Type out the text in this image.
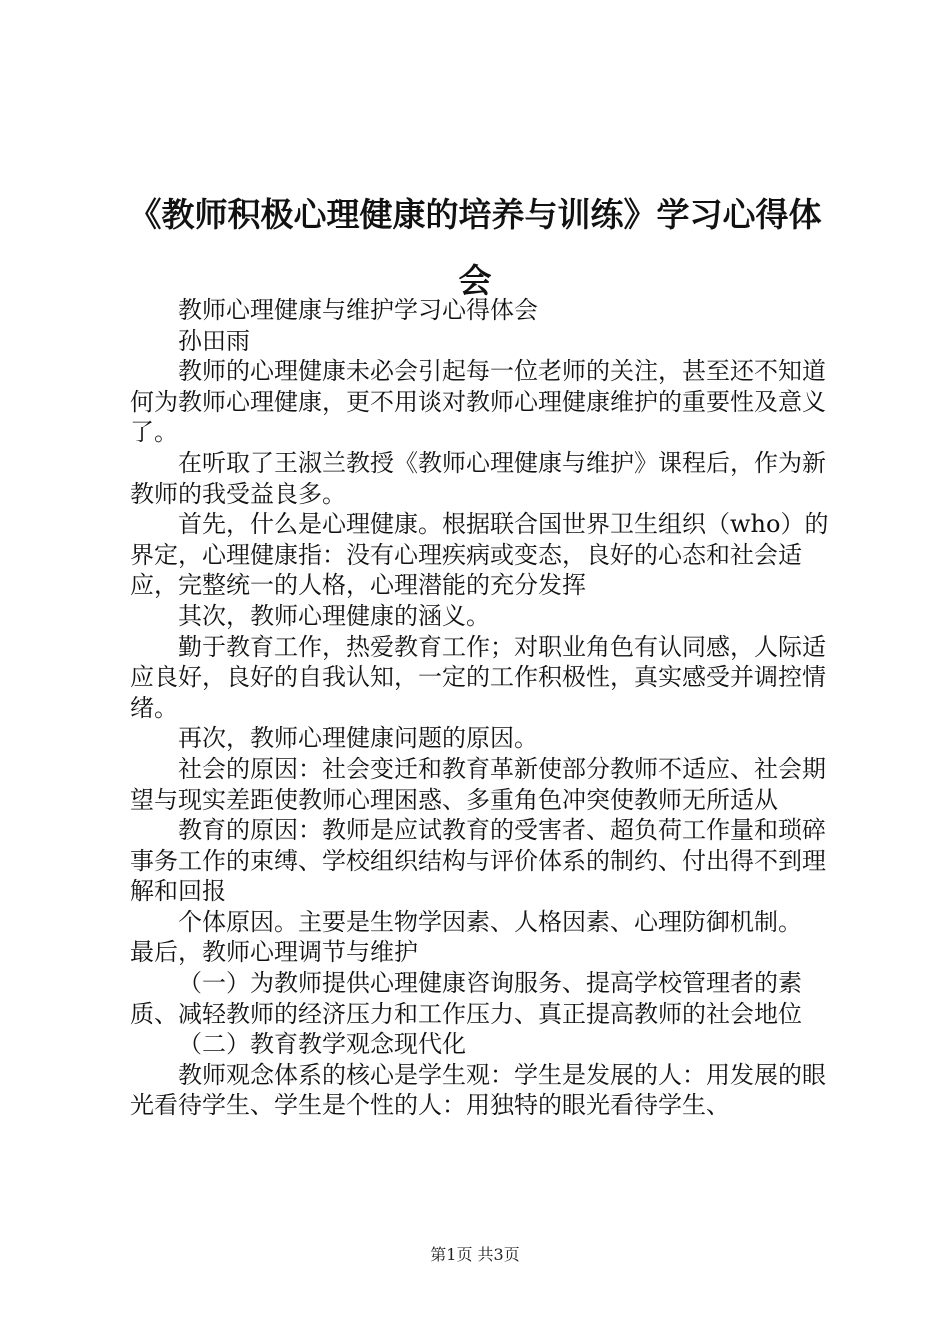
《教师积极心理健康的培养与训练》学习心得体会

教师心理健康与维护学习心得体会

孙田雨

教师的心理健康未必会引起每一位老师的关注，甚至还不知道何为教师心理健康，更不用谈对教师心理健康维护的重要性及意义了。

在听取了王淑兰教授《教师心理健康与维护》课程后，作为新教师的我受益良多。

首先，什么是心理健康。根据联合国世界卫生组织（who）的界定，心理健康指：没有心理疾病或变态，良好的心态和社会适应，完整统一的人格，心理潜能的充分发挥

其次，教师心理健康的涵义。

勤于教育工作，热爱教育工作；对职业角色有认同感，人际适应良好，良好的自我认知，一定的工作积极性，真实感受并调控情绪。

再次，教师心理健康问题的原因。

社会的原因：社会变迁和教育革新使部分教师不适应、社会期望与现实差距使教师心理困惑、多重角色冲突使教师无所适从

教育的原因：教师是应试教育的受害者、超负荷工作量和琐碎事务工作的束缚、学校组织结构与评价体系的制约、付出得不到理解和回报

个体原因。主要是生物学因素、人格因素、心理防御机制。

最后，教师心理调节与维护

（一）为教师提供心理健康咨询服务、提高学校管理者的素质、减轻教师的经济压力和工作压力、真正提高教师的社会地位

（二）教育教学观念现代化

教师观念体系的核心是学生观：学生是发展的人：用发展的眼光看待学生、学生是个性的人：用独特的眼光看待学生、

第1页 共3页
